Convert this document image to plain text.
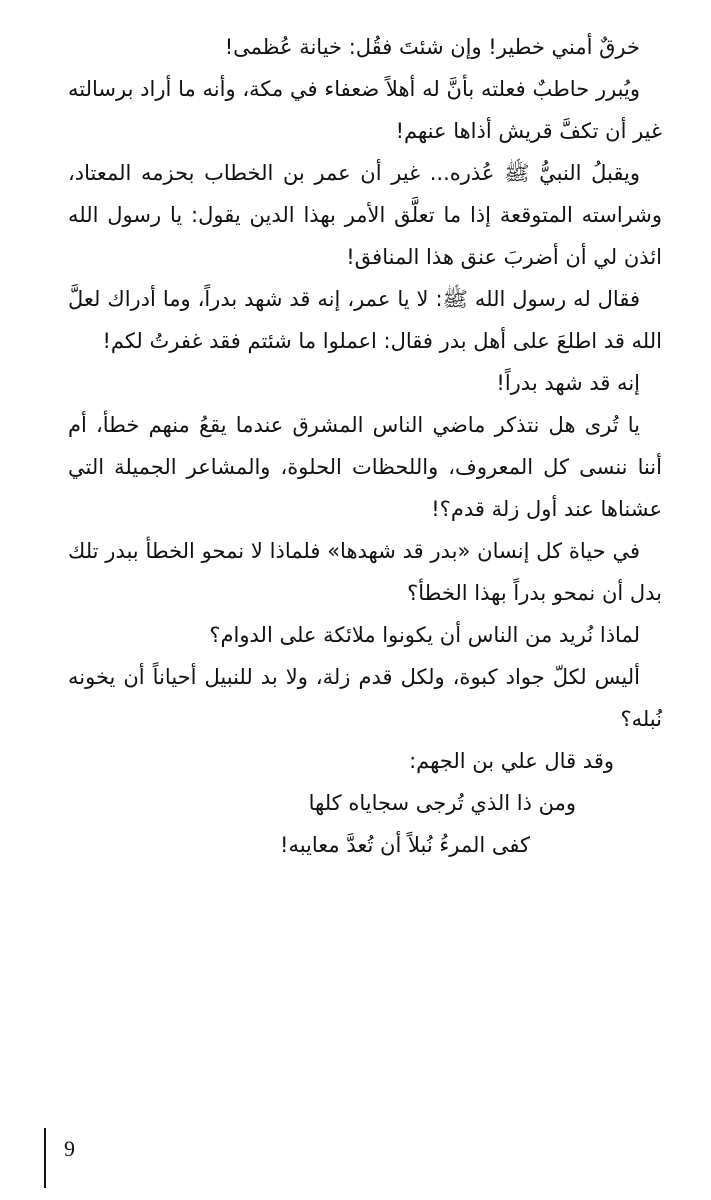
خرقٌ أمني خطير! وإن شئتَ فقُل: خيانة عُظمى!

ويُبرر حاطبٌ فعلته بأنَّ له أهلاً ضعفاء في مكة، وأنه ما أراد برسالته غير أن تكفَّ قريش أذاها عنهم!

ويقبلُ النبيُّ ﷺ عُذره... غير أن عمر بن الخطاب بحزمه المعتاد، وشراسته المتوقعة إذا ما تعلَّق الأمر بهذا الدين يقول: يا رسول الله ائذن لي أن أضربَ عنق هذا المنافق!

فقال له رسول الله ﷺ: لا يا عمر، إنه قد شهد بدراً، وما أدراك لعلَّ الله قد اطلعَ على أهل بدر فقال: اعملوا ما شئتم فقد غفرتُ لكم!

إنه قد شهد بدراً!

يا تُرى هل نتذكر ماضي الناس المشرق عندما يقعُ منهم خطأ، أم أننا ننسى كل المعروف، واللحظات الحلوة، والمشاعر الجميلة التي عشناها عند أول زلة قدم؟!

في حياة كل إنسان «بدر قد شهدها» فلماذا لا نمحو الخطأ ببدر تلك بدل أن نمحو بدراً بهذا الخطأ؟

لماذا نُريد من الناس أن يكونوا ملائكة على الدوام؟

أليس لكلّ جواد كبوة، ولكل قدم زلة، ولا بد للنبيل أحياناً أن يخونه نُبله؟

وقد قال علي بن الجهم:

ومن ذا الذي تُرجى سجاياه كلها

كفى المرءُ نُبلاً أن تُعدَّ معايبه!

9
